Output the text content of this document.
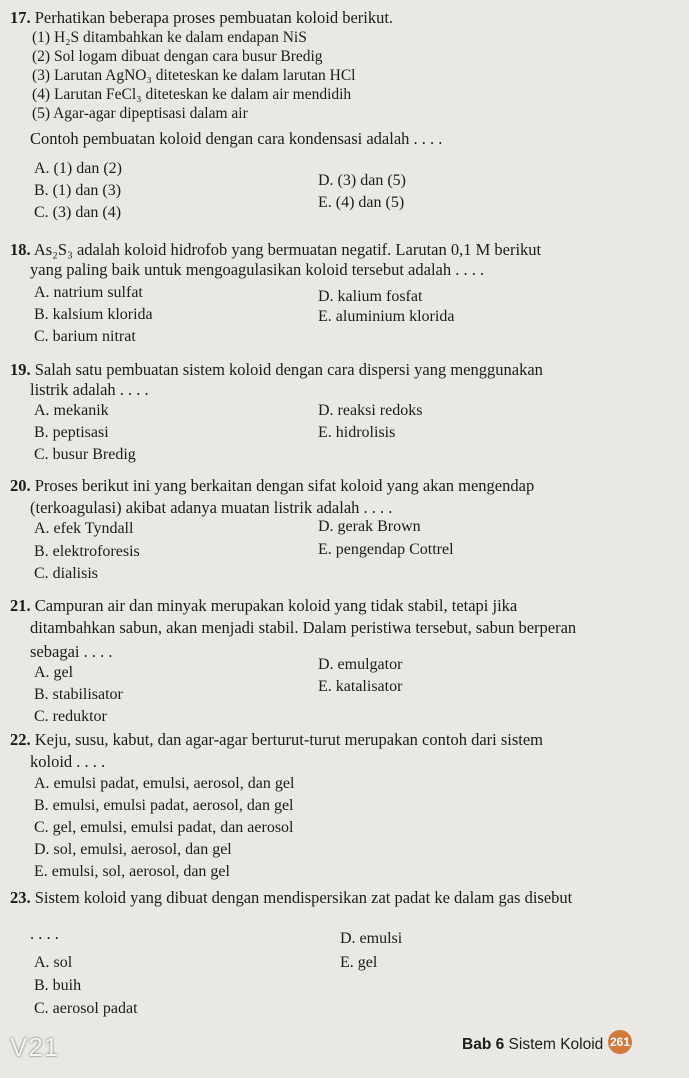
17. Perhatikan beberapa proses pembuatan koloid berikut.
(1) H₂S ditambahkan ke dalam endapan NiS
(2) Sol logam dibuat dengan cara busur Bredig
(3) Larutan AgNO₃ diteteskan ke dalam larutan HCl
(4) Larutan FeCl₃ diteteskan ke dalam air mendidih
(5) Agar-agar dipeptisasi dalam air
Contoh pembuatan koloid dengan cara kondensasi adalah . . . .
A. (1) dan (2)
B. (1) dan (3)
C. (3) dan (4)
D. (3) dan (5)
E. (4) dan (5)
18. As₂S₃ adalah koloid hidrofob yang bermuatan negatif. Larutan 0,1 M berikut
yang paling baik untuk mengoagulasikan koloid tersebut adalah . . . .
A. natrium sulfat
B. kalsium klorida
C. barium nitrat
D. kalium fosfat
E. aluminium klorida
19. Salah satu pembuatan sistem koloid dengan cara dispersi yang menggunakan
listrik adalah . . . .
A. mekanik
B. peptisasi
C. busur Bredig
D. reaksi redoks
E. hidrolisis
20. Proses berikut ini yang berkaitan dengan sifat koloid yang akan mengendap
(terkoagulasi) akibat adanya muatan listrik adalah . . . .
A. efek Tyndall
B. elektroforesis
C. dialisis
D. gerak Brown
E. pengendap Cottrel
21. Campuran air dan minyak merupakan koloid yang tidak stabil, tetapi jika
ditambahkan sabun, akan menjadi stabil. Dalam peristiwa tersebut, sabun berperan
sebagai . . . .
A. gel
B. stabilisator
C. reduktor
D. emulgator
E. katalisator
22. Keju, susu, kabut, dan agar-agar berturut-turut merupakan contoh dari sistem
koloid . . . .
A. emulsi padat, emulsi, aerosol, dan gel
B. emulsi, emulsi padat, aerosol, dan gel
C. gel, emulsi, emulsi padat, dan aerosol
D. sol, emulsi, aerosol, dan gel
E. emulsi, sol, aerosol, dan gel
23. Sistem koloid yang dibuat dengan mendispersikan zat padat ke dalam gas disebut
. . . .
A. sol
B. buih
C. aerosol padat
D. emulsi
E. gel
V21	Bab 6 Sistem Koloid 261
